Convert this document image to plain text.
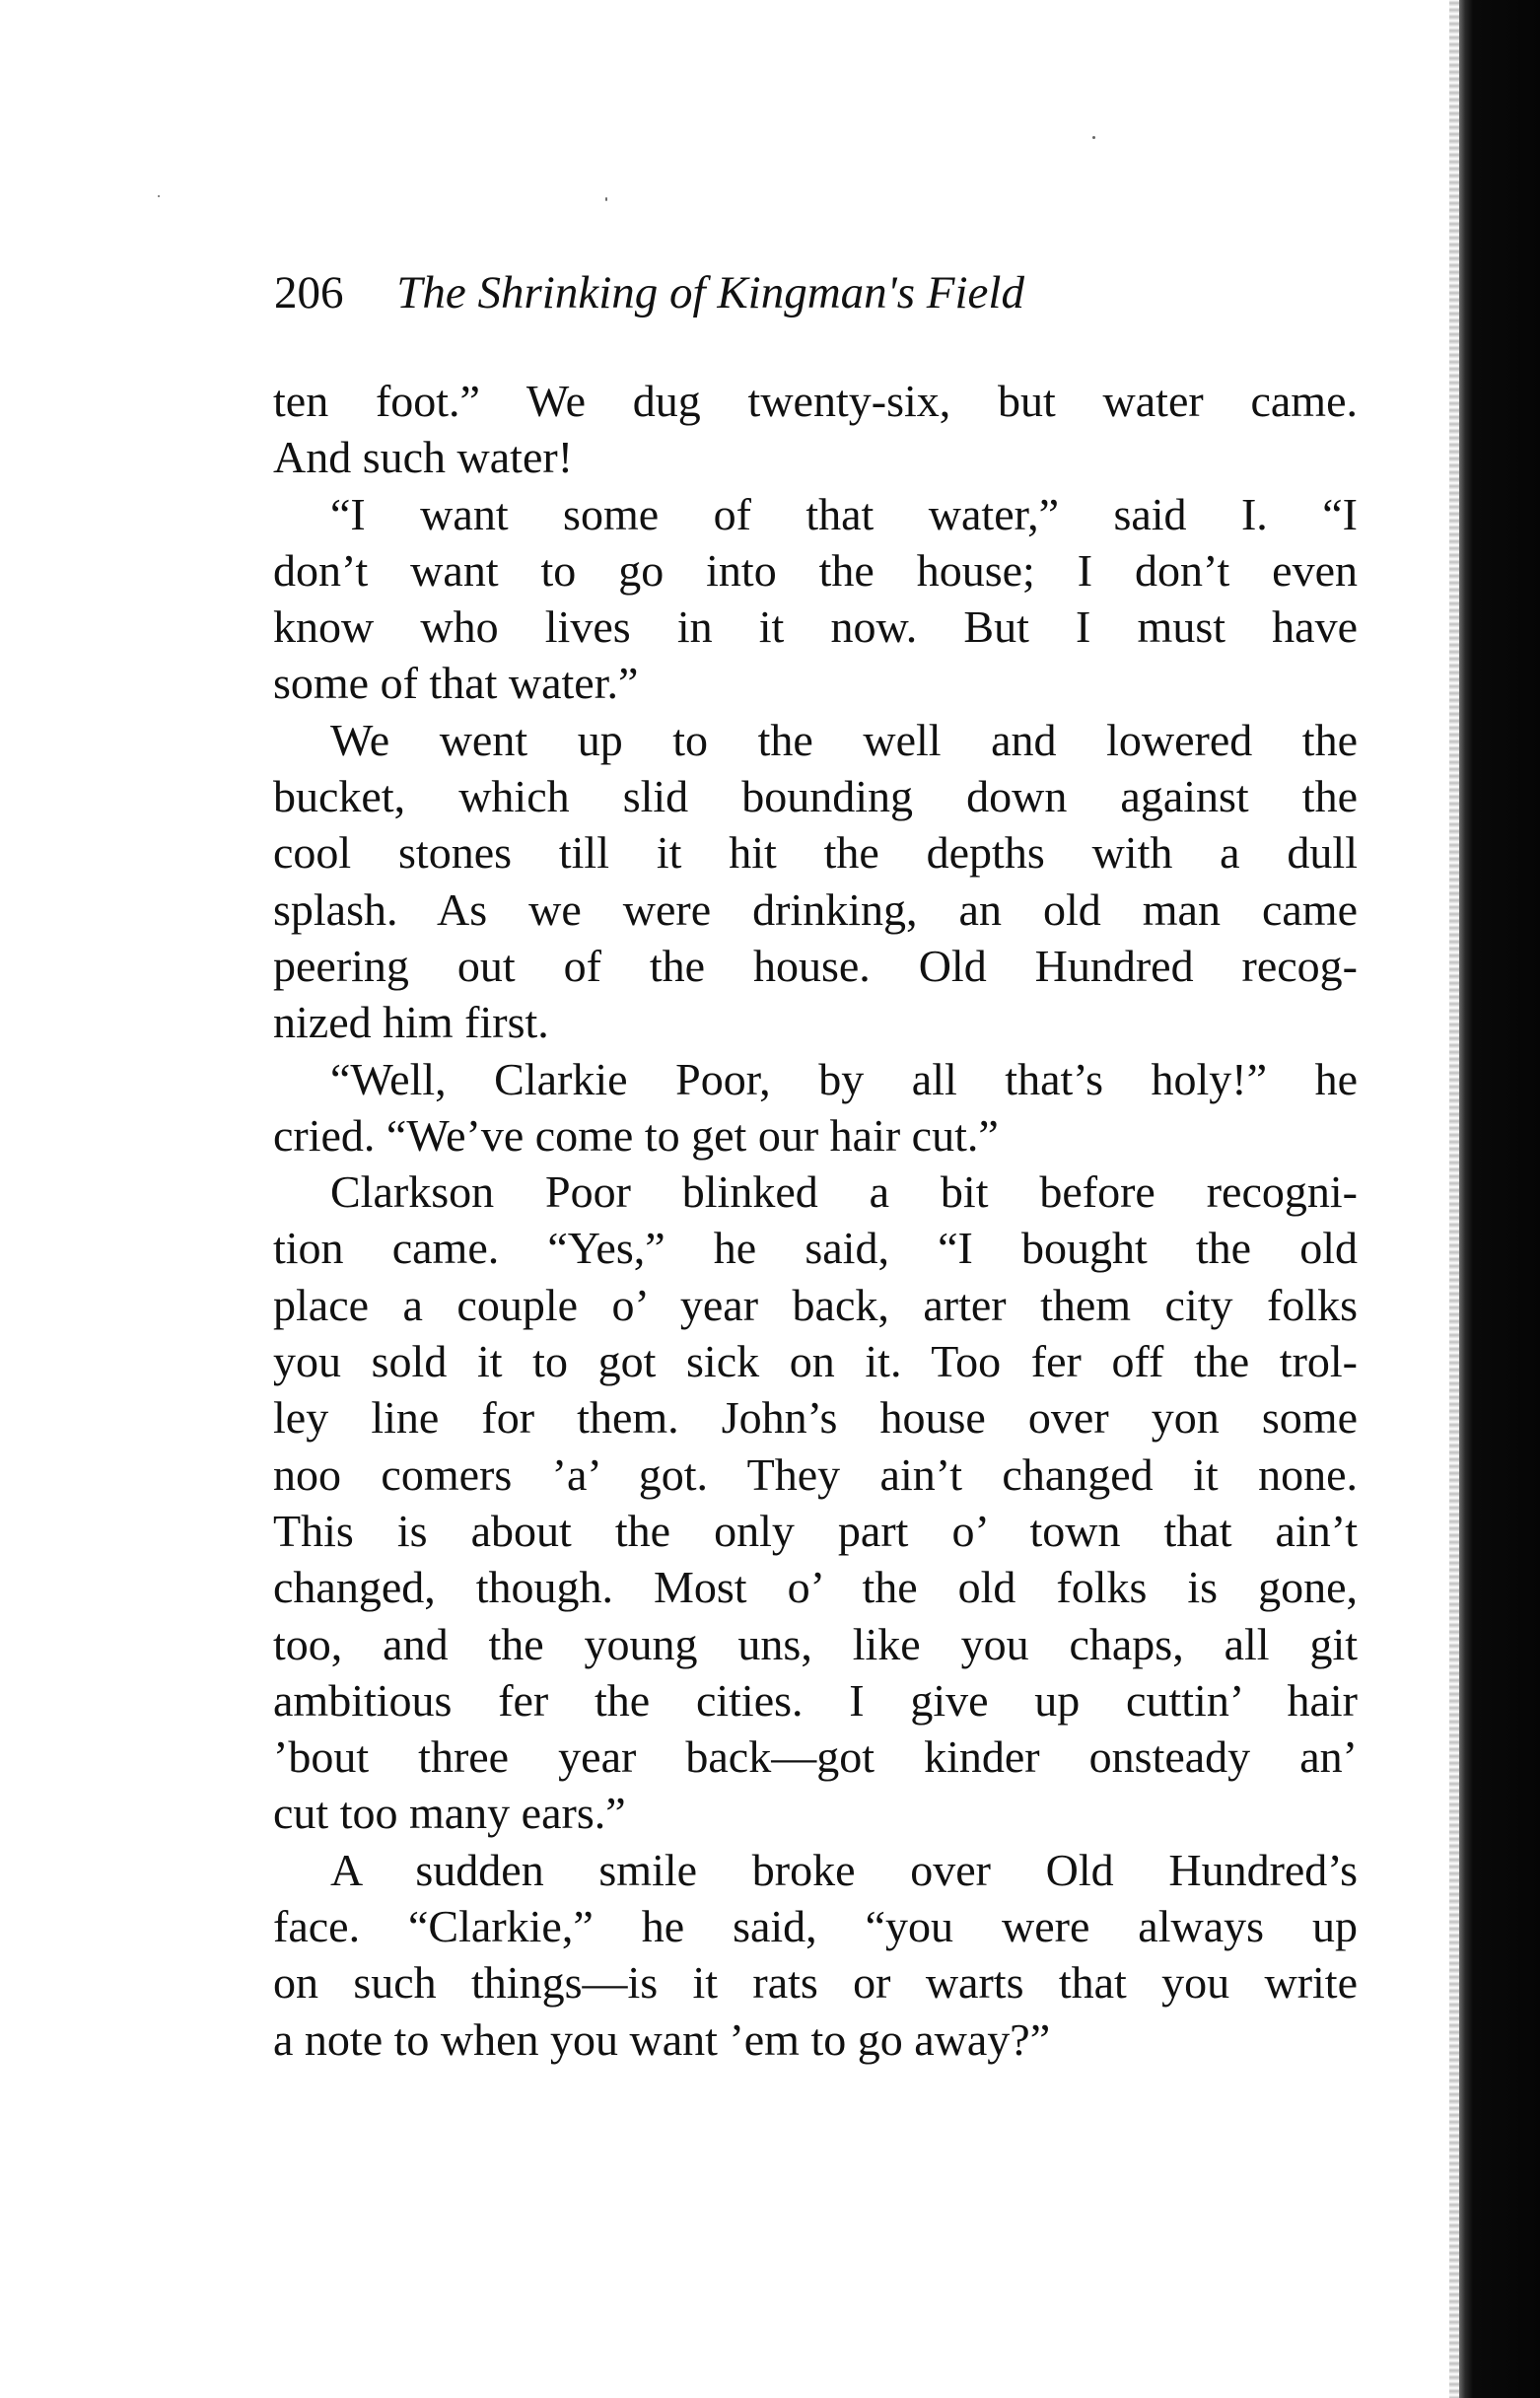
206 The Shrinking of Kingman's Field
ten foot.” We dug twenty-six, but water came.
And such water!
“I want some of that water,” said I. “I
don’t want to go into the house; I don’t even
know who lives in it now. But I must have
some of that water.”
We went up to the well and lowered the
bucket, which slid bounding down against the
cool stones till it hit the depths with a dull
splash. As we were drinking, an old man came
peering out of the house. Old Hundred recog-
nized him first.
“Well, Clarkie Poor, by all that’s holy!” he
cried. “We’ve come to get our hair cut.”
Clarkson Poor blinked a bit before recogni-
tion came. “Yes,” he said, “I bought the old
place a couple o’ year back, arter them city folks
you sold it to got sick on it. Too fer off the trol-
ley line for them. John’s house over yon some
noo comers ’a’ got. They ain’t changed it none.
This is about the only part o’ town that ain’t
changed, though. Most o’ the old folks is gone,
too, and the young uns, like you chaps, all git
ambitious fer the cities. I give up cuttin’ hair
’bout three year back—got kinder onsteady an’
cut too many ears.”
A sudden smile broke over Old Hundred’s
face. “Clarkie,” he said, “you were always up
on such things—is it rats or warts that you write
a note to when you want ’em to go away?”
